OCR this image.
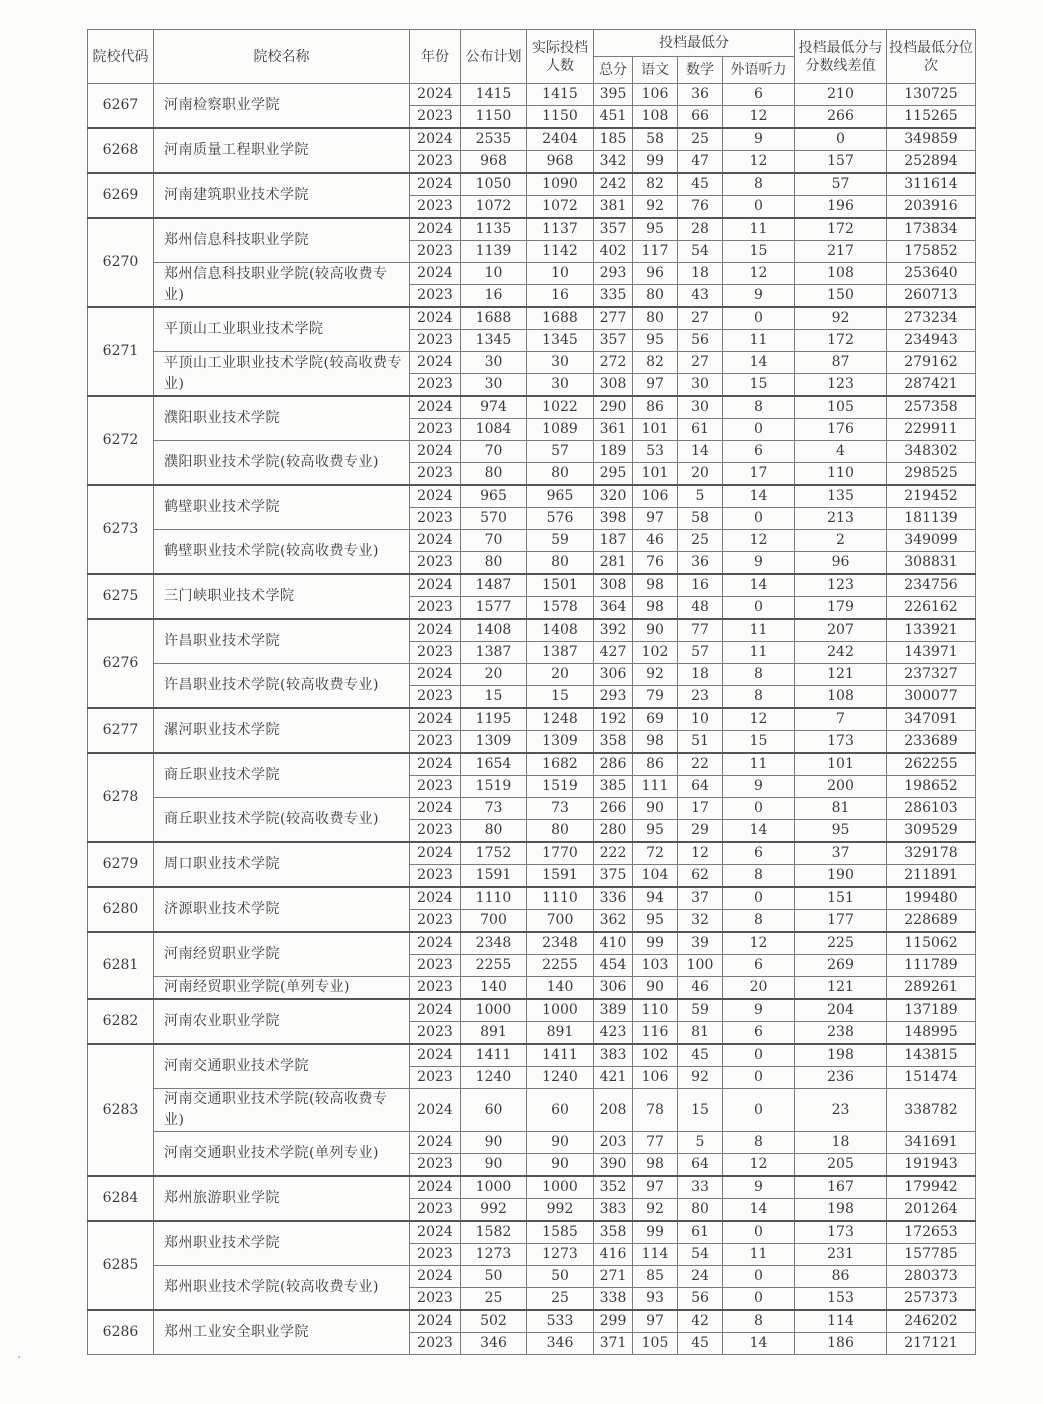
院校代码	院校名称	年份	公布计划	实际投档人数	投档最低分				投档最低分与分数线差值	投档最低分位次
					总分	语文	数学	外语听力		
6267	河南检察职业学院	2024	1415	1415	395	106	36	6	210	130725
		2023	1150	1150	451	108	66	12	266	115265
6268	河南质量工程职业学院	2024	2535	2404	185	58	25	9	0	349859
		2023	968	968	342	99	47	12	157	252894
6269	河南建筑职业技术学院	2024	1050	1090	242	82	45	8	57	311614
		2023	1072	1072	381	92	76	0	196	203916
6270	郑州信息科技职业学院	2024	1135	1137	357	95	28	11	172	173834
		2023	1139	1142	402	117	54	15	217	175852
	郑州信息科技职业学院(较高收费专业)	2024	10	10	293	96	18	12	108	253640
		2023	16	16	335	80	43	9	150	260713
6271	平顶山工业职业技术学院	2024	1688	1688	277	80	27	0	92	273234
		2023	1345	1345	357	95	56	11	172	234943
	平顶山工业职业技术学院(较高收费专业)	2024	30	30	272	82	27	14	87	279162
		2023	30	30	308	97	30	15	123	287421
6272	濮阳职业技术学院	2024	974	1022	290	86	30	8	105	257358
		2023	1084	1089	361	101	61	0	176	229911
	濮阳职业技术学院(较高收费专业)	2024	70	57	189	53	14	6	4	348302
		2023	80	80	295	101	20	17	110	298525
6273	鹤壁职业技术学院	2024	965	965	320	106	5	14	135	219452
		2023	570	576	398	97	58	0	213	181139
	鹤壁职业技术学院(较高收费专业)	2024	70	59	187	46	25	12	2	349099
		2023	80	80	281	76	36	9	96	308831
6275	三门峡职业技术学院	2024	1487	1501	308	98	16	14	123	234756
		2023	1577	1578	364	98	48	0	179	226162
6276	许昌职业技术学院	2024	1408	1408	392	90	77	11	207	133921
		2023	1387	1387	427	102	57	11	242	143971
	许昌职业技术学院(较高收费专业)	2024	20	20	306	92	18	8	121	237327
		2023	15	15	293	79	23	8	108	300077
6277	漯河职业技术学院	2024	1195	1248	192	69	10	12	7	347091
		2023	1309	1309	358	98	51	15	173	233689
6278	商丘职业技术学院	2024	1654	1682	286	86	22	11	101	262255
		2023	1519	1519	385	111	64	9	200	198652
	商丘职业技术学院(较高收费专业)	2024	73	73	266	90	17	0	81	286103
		2023	80	80	280	95	29	14	95	309529
6279	周口职业技术学院	2024	1752	1770	222	72	12	6	37	329178
		2023	1591	1591	375	104	62	8	190	211891
6280	济源职业技术学院	2024	1110	1110	336	94	37	0	151	199480
		2023	700	700	362	95	32	8	177	228689
6281	河南经贸职业学院	2024	2348	2348	410	99	39	12	225	115062
		2023	2255	2255	454	103	100	6	269	111789
	河南经贸职业学院(单列专业)	2023	140	140	306	90	46	20	121	289261
6282	河南农业职业学院	2024	1000	1000	389	110	59	9	204	137189
		2023	891	891	423	116	81	6	238	148995
6283	河南交通职业技术学院	2024	1411	1411	383	102	45	0	198	143815
		2023	1240	1240	421	106	92	0	236	151474
	河南交通职业技术学院(较高收费专业)	2024	60	60	208	78	15	0	23	338782
	河南交通职业技术学院(单列专业)	2024	90	90	203	77	5	8	18	341691
		2023	90	90	390	98	64	12	205	191943
6284	郑州旅游职业学院	2024	1000	1000	352	97	33	9	167	179942
		2023	992	992	383	92	80	14	198	201264
6285	郑州职业技术学院	2024	1582	1585	358	99	61	0	173	172653
		2023	1273	1273	416	114	54	11	231	157785
	郑州职业技术学院(较高收费专业)	2024	50	50	271	85	24	0	86	280373
		2023	25	25	338	93	56	0	153	257373
6286	郑州工业安全职业学院	2024	502	533	299	97	42	8	114	246202
		2023	346	346	371	105	45	14	186	217121
